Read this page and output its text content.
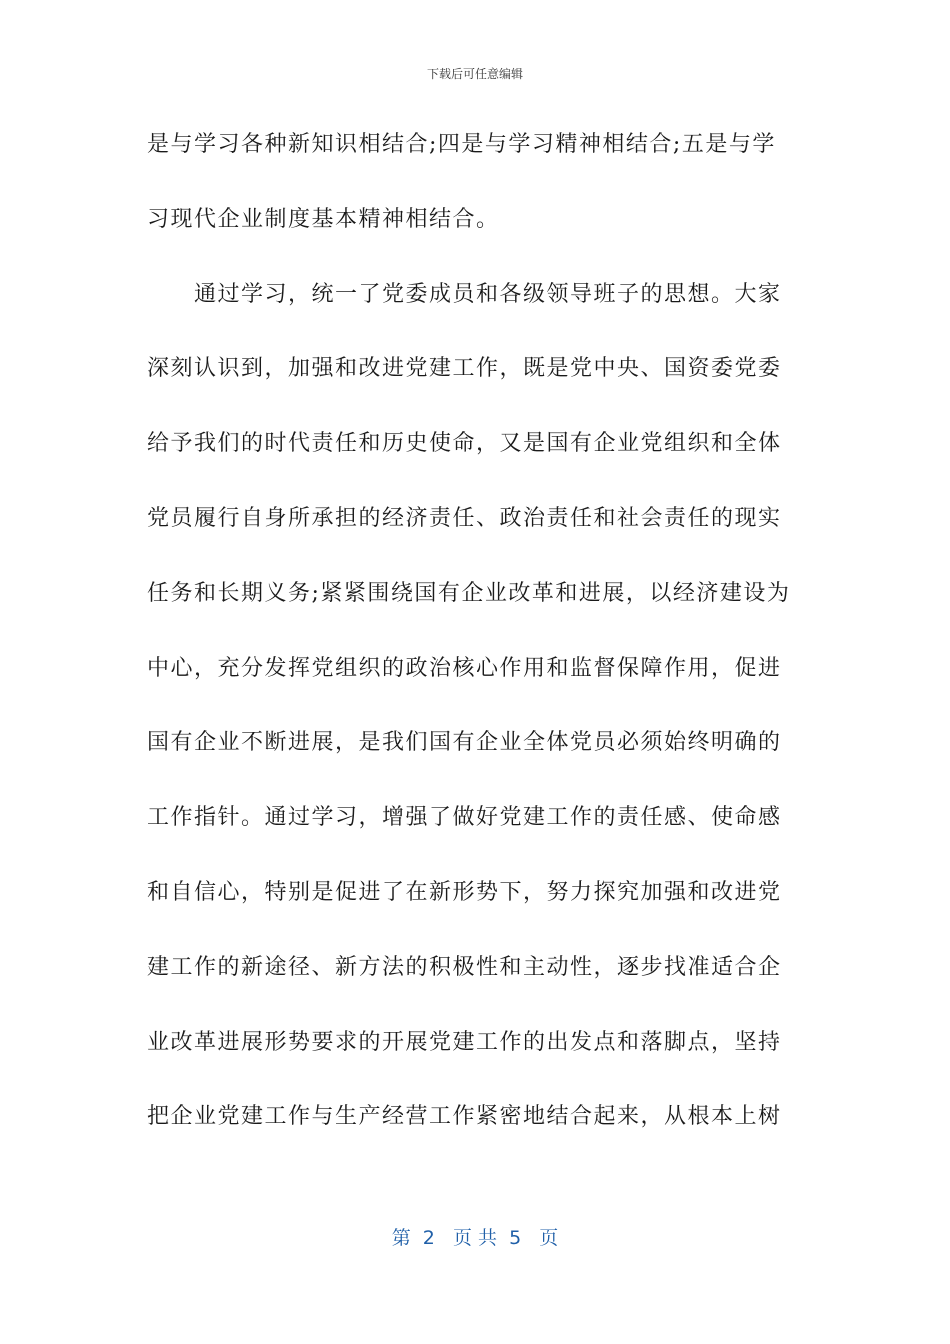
下载后可任意编辑
是与学习各种新知识相结合;四是与学习精神相结合;五是与学
习现代企业制度基本精神相结合。
　　通过学习，统一了党委成员和各级领导班子的思想。大家
深刻认识到，加强和改进党建工作，既是党中央、国资委党委
给予我们的时代责任和历史使命，又是国有企业党组织和全体
党员履行自身所承担的经济责任、政治责任和社会责任的现实
任务和长期义务;紧紧围绕国有企业改革和进展，以经济建设为
中心，充分发挥党组织的政治核心作用和监督保障作用，促进
国有企业不断进展，是我们国有企业全体党员必须始终明确的
工作指针。通过学习，增强了做好党建工作的责任感、使命感
和自信心，特别是促进了在新形势下，努力探究加强和改进党
建工作的新途径、新方法的积极性和主动性，逐步找准适合企
业改革进展形势要求的开展党建工作的出发点和落脚点，坚持
把企业党建工作与生产经营工作紧密地结合起来，从根本上树
第  2   页 共  5   页
